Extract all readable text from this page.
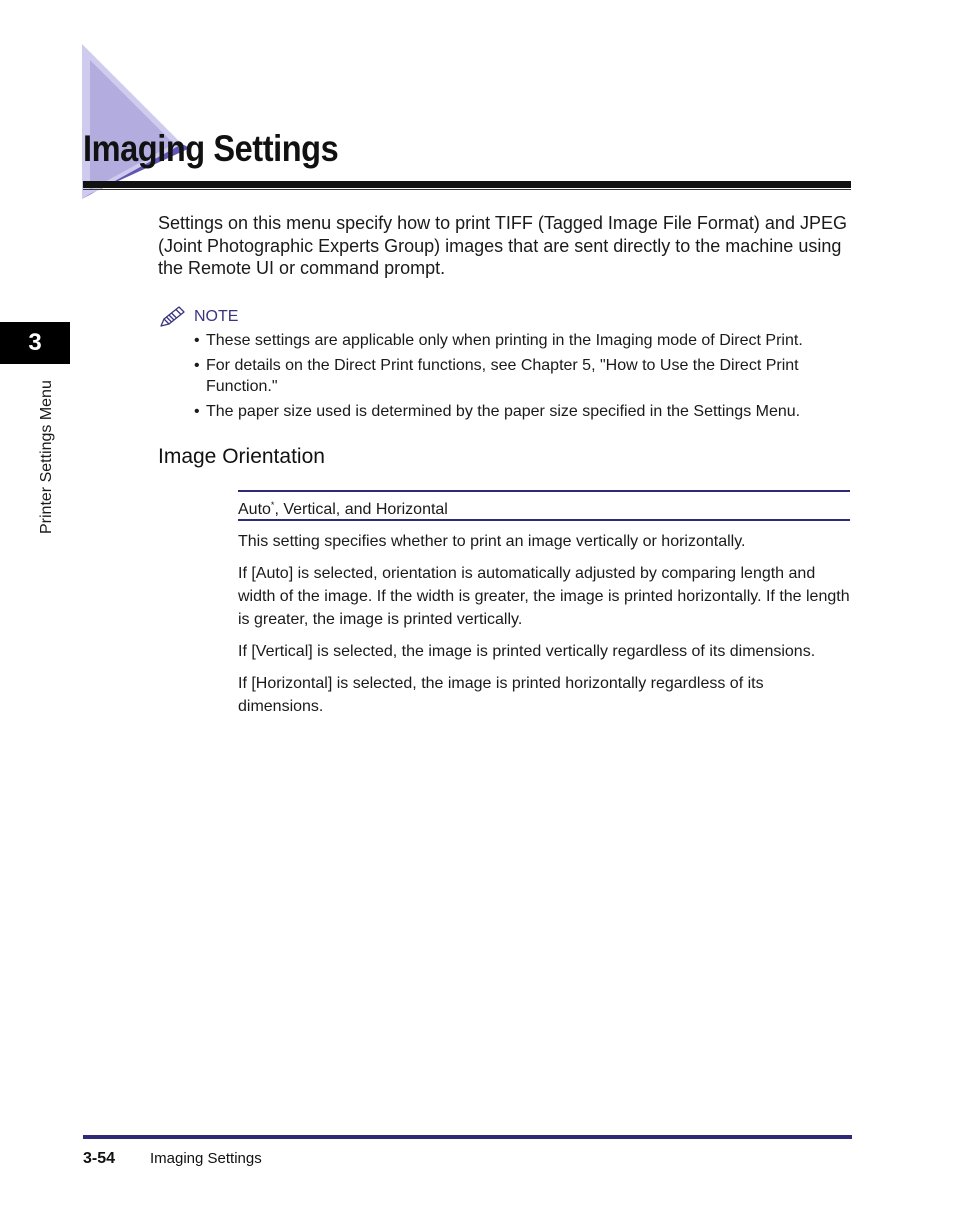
Imaging Settings
3
Printer Settings Menu

Settings on this menu specify how to print TIFF (Tagged Image File Format) and JPEG (Joint Photographic Experts Group) images that are sent directly to the machine using the Remote UI or command prompt.

NOTE
• These settings are applicable only when printing in the Imaging mode of Direct Print.
• For details on the Direct Print functions, see Chapter 5, "How to Use the Direct Print Function."
• The paper size used is determined by the paper size specified in the Settings Menu.
Image Orientation
Auto*, Vertical, and Horizontal

This setting specifies whether to print an image vertically or horizontally.

If [Auto] is selected, orientation is automatically adjusted by comparing length and width of the image. If the width is greater, the image is printed horizontally. If the length is greater, the image is printed vertically.

If [Vertical] is selected, the image is printed vertically regardless of its dimensions.

If [Horizontal] is selected, the image is printed horizontally regardless of its dimensions.

3-54 Imaging Settings
